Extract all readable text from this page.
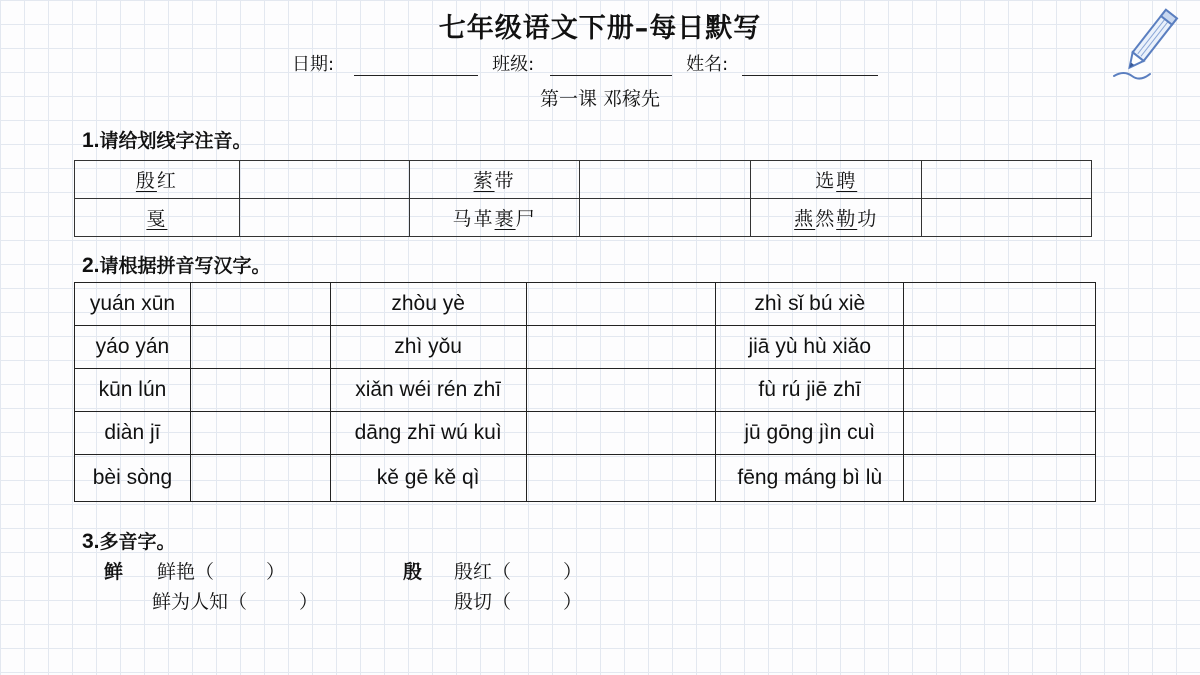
七年级语文下册–每日默写
日期:	班级:	姓名:
第一课 邓稼先
1.请给划线字注音。
殷红		萦带		选聘	
戛		马革裹尸		燕然勒功	
2.请根据拼音写汉字。
yuán xūn		zhòu yè		zhì sǐ bú xiè	
yáo yán		zhì yǒu		jiā yù hù xiǎo	
kūn lún		xiǎn wéi rén zhī		fù rú jiē zhī	
diàn jī		dāng zhī wú kuì		jū gōng jìn cuì	
bèi sòng		kě gē kě qì		fēng máng bì lù	
3.多音字。
鲜 鲜艳（	）
鲜为人知（	）
殷 殷红（	）
殷切（	）
